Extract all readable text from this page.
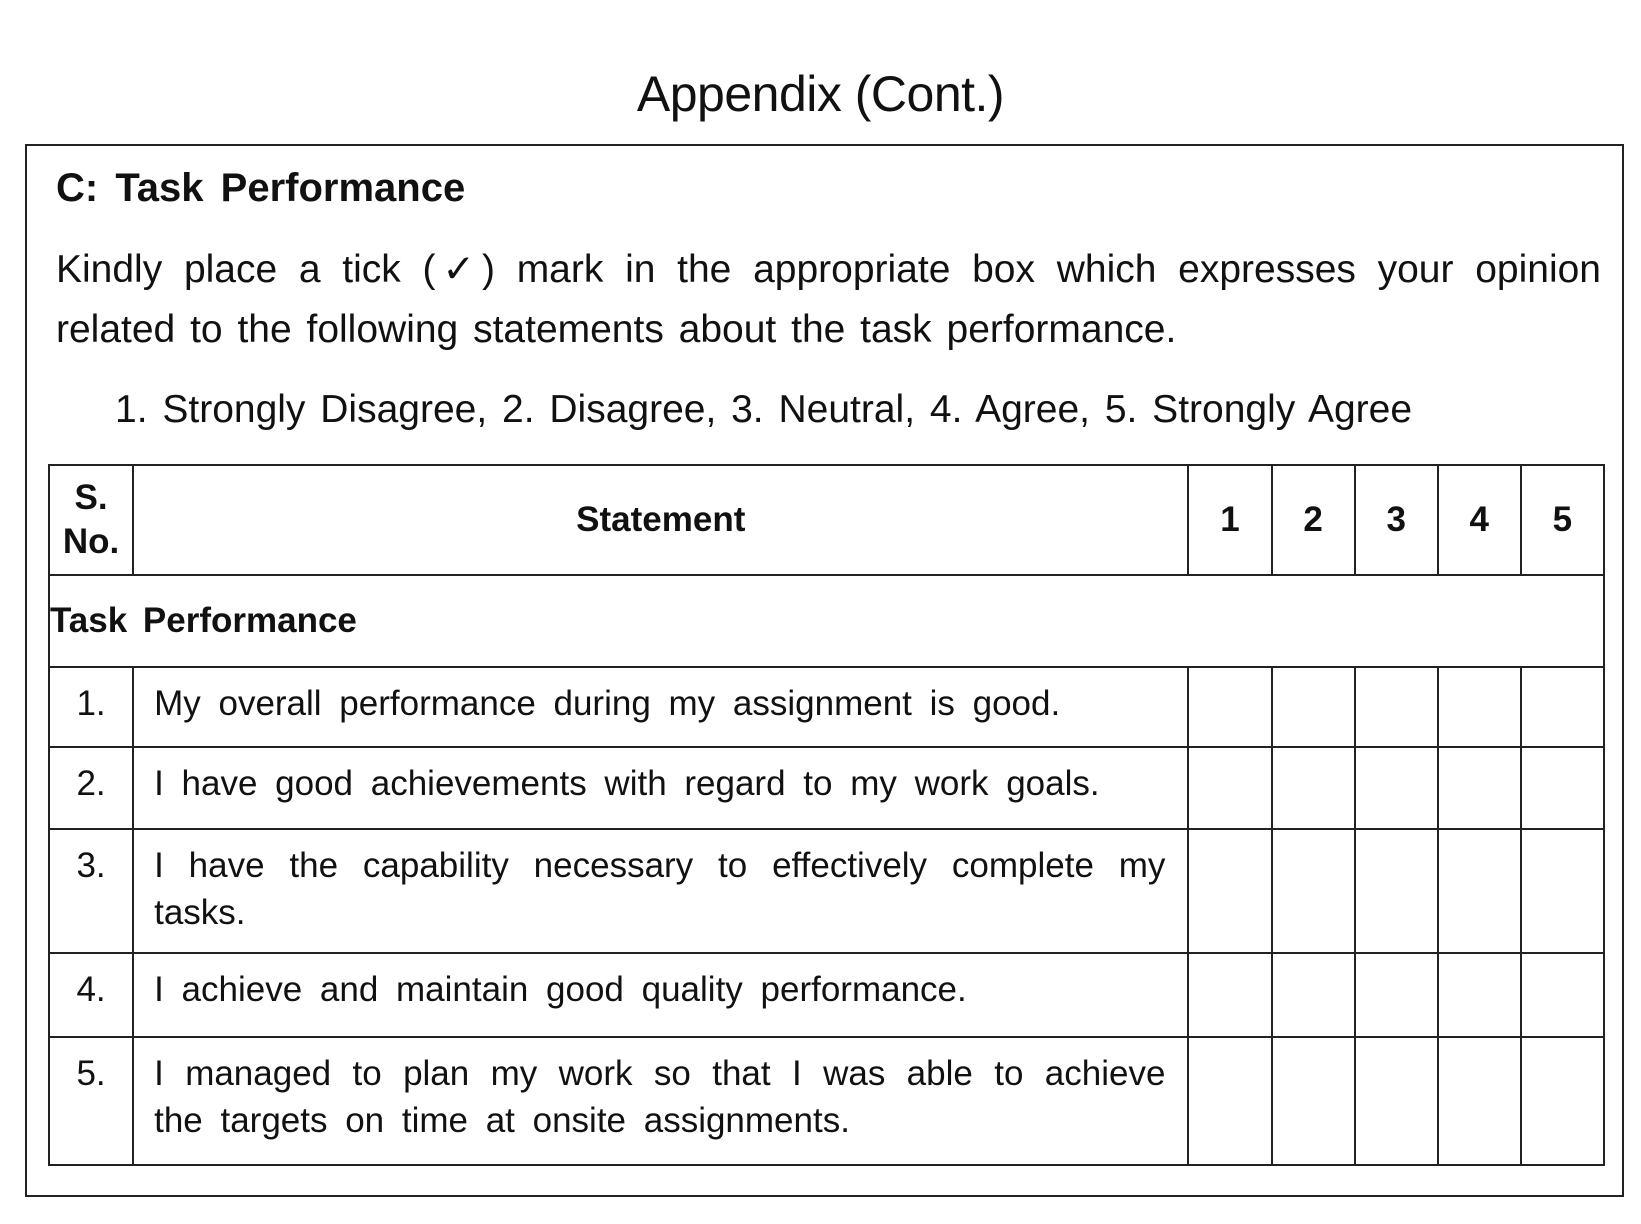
Appendix (Cont.)
C: Task Performance
Kindly place a tick (✓) mark in the appropriate box which expresses your opinion related to the following statements about the task performance.
1. Strongly Disagree, 2. Disagree, 3. Neutral, 4. Agree, 5. Strongly Agree
S. No.	Statement	1	2	3	4	5
Task Performance						
1.	My overall performance during my assignment is good.					
2.	I have good achievements with regard to my work goals.					
3.	I have the capability necessary to effectively complete my tasks.					
4.	I achieve and maintain good quality performance.					
5.	I managed to plan my work so that I was able to achieve the targets on time at onsite assignments.					
